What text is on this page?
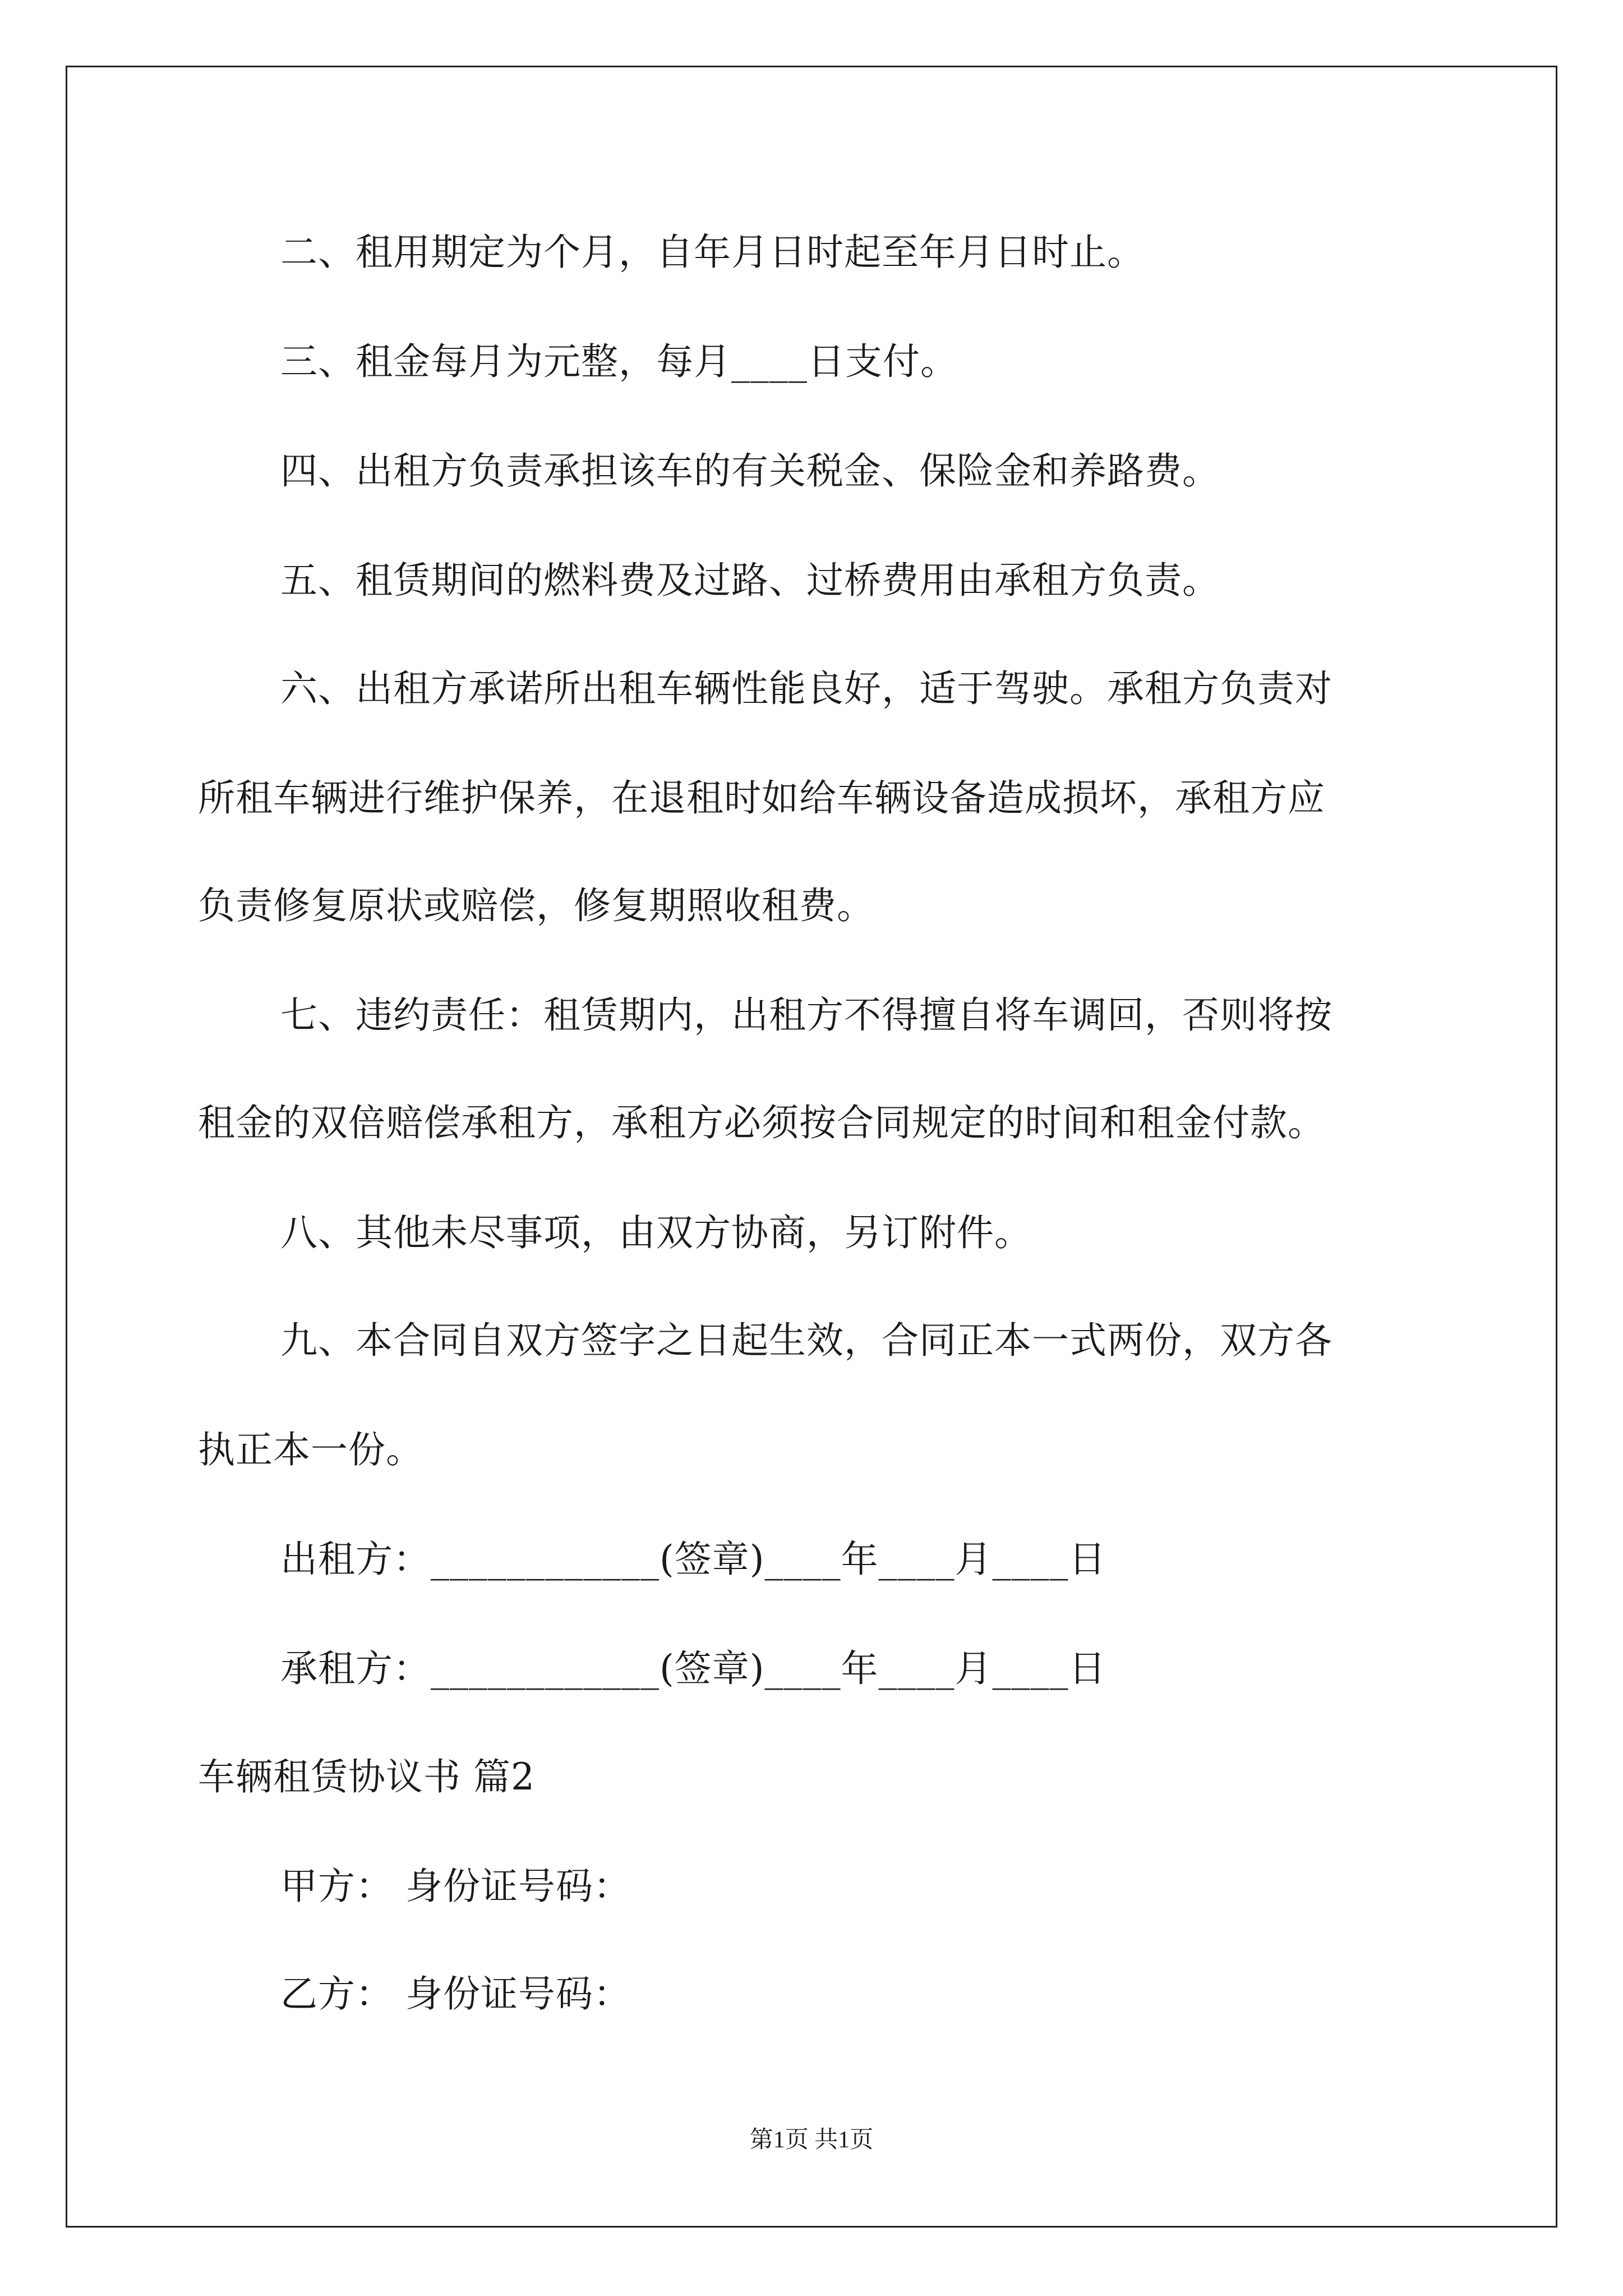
二、租用期定为个月，自年月日时起至年月日时止。
三、租金每月为元整，每月____日支付。
四、出租方负责承担该车的有关税金、保险金和养路费。
五、租赁期间的燃料费及过路、过桥费用由承租方负责。
六、出租方承诺所出租车辆性能良好，适于驾驶。承租方负责对
所租车辆进行维护保养，在退租时如给车辆设备造成损坏，承租方应
负责修复原状或赔偿，修复期照收租费。
七、违约责任：租赁期内，出租方不得擅自将车调回，否则将按
租金的双倍赔偿承租方，承租方必须按合同规定的时间和租金付款。
八、其他未尽事项，由双方协商，另订附件。
九、本合同自双方签字之日起生效，合同正本一式两份，双方各
执正本一份。
出租方：____________(签章)____年____月____日
承租方：____________(签章)____年____月____日
车辆租赁协议书 篇2
甲方： 身份证号码：
乙方： 身份证号码：
第1页 共1页
